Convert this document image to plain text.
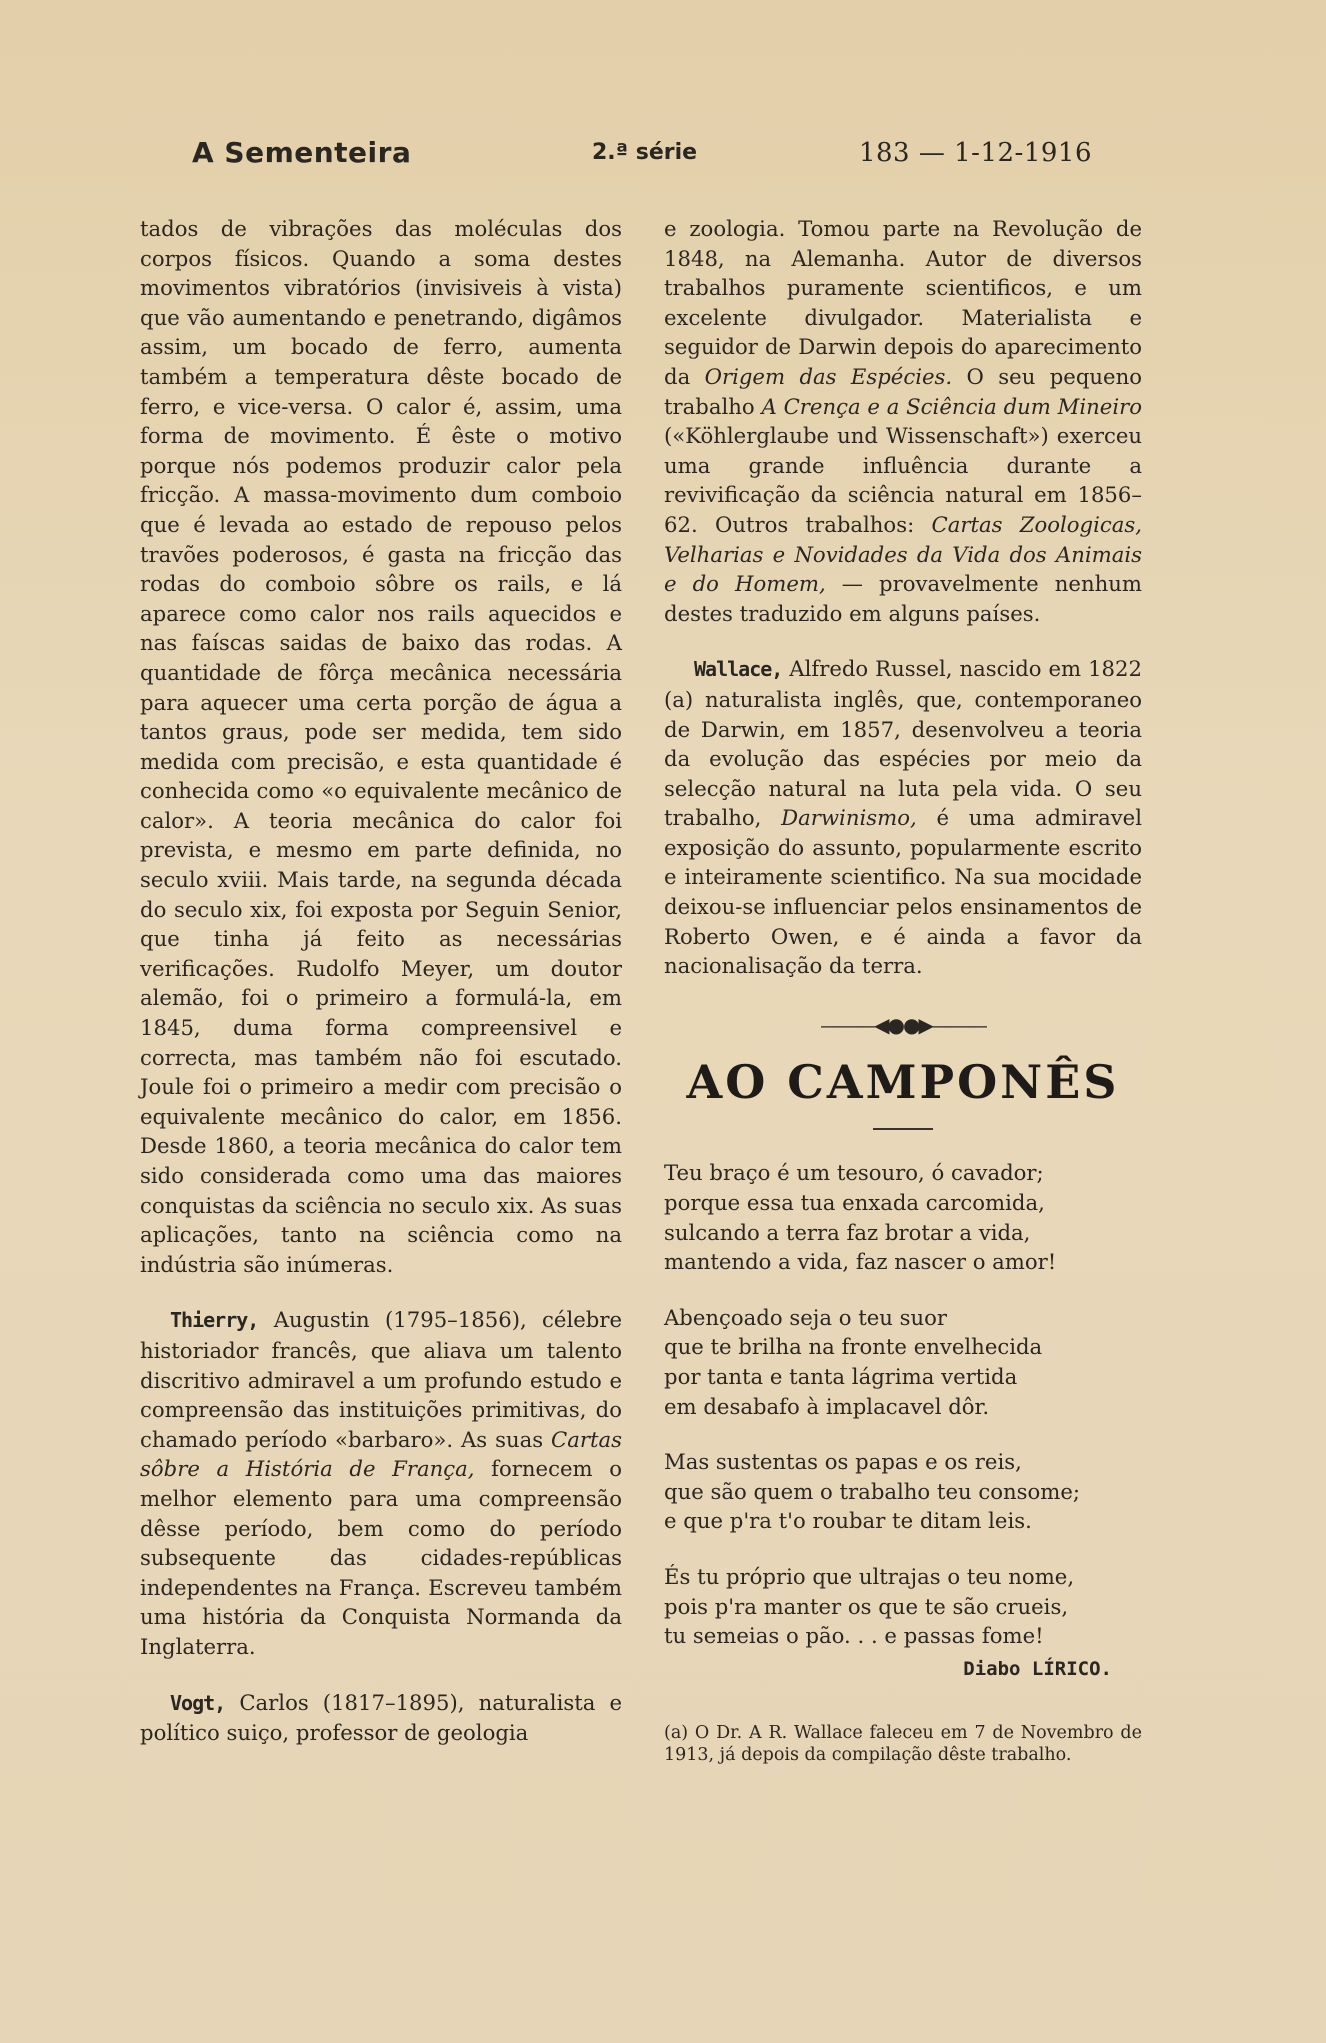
A Sementeira	2.ª série	183 — 1-12-1916

tados de vibrações das moléculas dos corpos físicos. Quando a soma destes movimentos vibratórios (invisiveis à vista) que vão aumentando e penetrando, digâmos assim, um bocado de ferro, aumenta também a temperatura dêste bocado de ferro, e vice-versa. O calor é, assim, uma forma de movimento. É êste o motivo porque nós podemos produzir calor pela fricção. A massa-movimento dum comboio que é levada ao estado de repouso pelos travões poderosos, é gasta na fricção das rodas do comboio sôbre os rails, e lá aparece como calor nos rails aquecidos e nas faíscas saidas de baixo das rodas. A quantidade de fôrça mecânica necessária para aquecer uma certa porção de água a tantos graus, pode ser medida, tem sido medida com precisão, e esta quantidade é conhecida como «o equivalente mecânico de calor». A teoria mecânica do calor foi prevista, e mesmo em parte definida, no seculo xviii. Mais tarde, na segunda década do seculo xix, foi exposta por Seguin Senior, que tinha já feito as necessárias verificações. Rudolfo Meyer, um doutor alemão, foi o primeiro a formulá-la, em 1845, duma forma compreensivel e correcta, mas também não foi escutado. Joule foi o primeiro a medir com precisão o equivalente mecânico do calor, em 1856. Desde 1860, a teoria mecânica do calor tem sido considerada como uma das maiores conquistas da sciência no seculo xix. As suas aplicações, tanto na sciência como na indústria são inúmeras.

Thierry, Augustin (1795–1856), célebre historiador francês, que aliava um talento discritivo admiravel a um profundo estudo e compreensão das instituições primitivas, do chamado período «barbaro». As suas Cartas sôbre a História de França, fornecem o melhor elemento para uma compreensão dêsse período, bem como do período subsequente das cidades-repúblicas independentes na França. Escreveu também uma história da Conquista Normanda da Inglaterra.

Vogt, Carlos (1817–1895), naturalista e político suiço, professor de geologia

e zoologia. Tomou parte na Revolução de 1848, na Alemanha. Autor de diversos trabalhos puramente scientificos, e um excelente divulgador. Materialista e seguidor de Darwin depois do aparecimento da Origem das Espécies. O seu pequeno trabalho A Crença e a Sciência dum Mineiro («Köhlerglaube und Wissenschaft») exerceu uma grande influência durante a revivificação da sciência natural em 1856–62. Outros trabalhos: Cartas Zoologicas, Velharias e Novidades da Vida dos Animais e do Homem, — provavelmente nenhum destes traduzido em alguns países.

Wallace, Alfredo Russel, nascido em 1822 (a) naturalista inglês, que, contemporaneo de Darwin, em 1857, desenvolveu a teoria da evolução das espécies por meio da selecção natural na luta pela vida. O seu trabalho, Darwinismo, é uma admiravel exposição do assunto, popularmente escrito e inteiramente scientifico. Na sua mocidade deixou-se influenciar pelos ensinamentos de Roberto Owen, e é ainda a favor da nacionalisação da terra.

———◀●●▶———
AO CAMPONÊS

Teu braço é um tesouro, ó cavador;
porque essa tua enxada carcomida,
sulcando a terra faz brotar a vida,
mantendo a vida, faz nascer o amor!

Abençoado seja o teu suor
que te brilha na fronte envelhecida
por tanta e tanta lágrima vertida
em desabafo à implacavel dôr.

Mas sustentas os papas e os reis,
que são quem o trabalho teu consome;
e que p'ra t'o roubar te ditam leis.

És tu próprio que ultrajas o teu nome,
pois p'ra manter os que te são crueis,
tu semeias o pão. . . e passas fome!

Diabo LÍRICO.

(a) O Dr. A R. Wallace faleceu em 7 de Novembro de 1913, já depois da compilação dêste trabalho.
